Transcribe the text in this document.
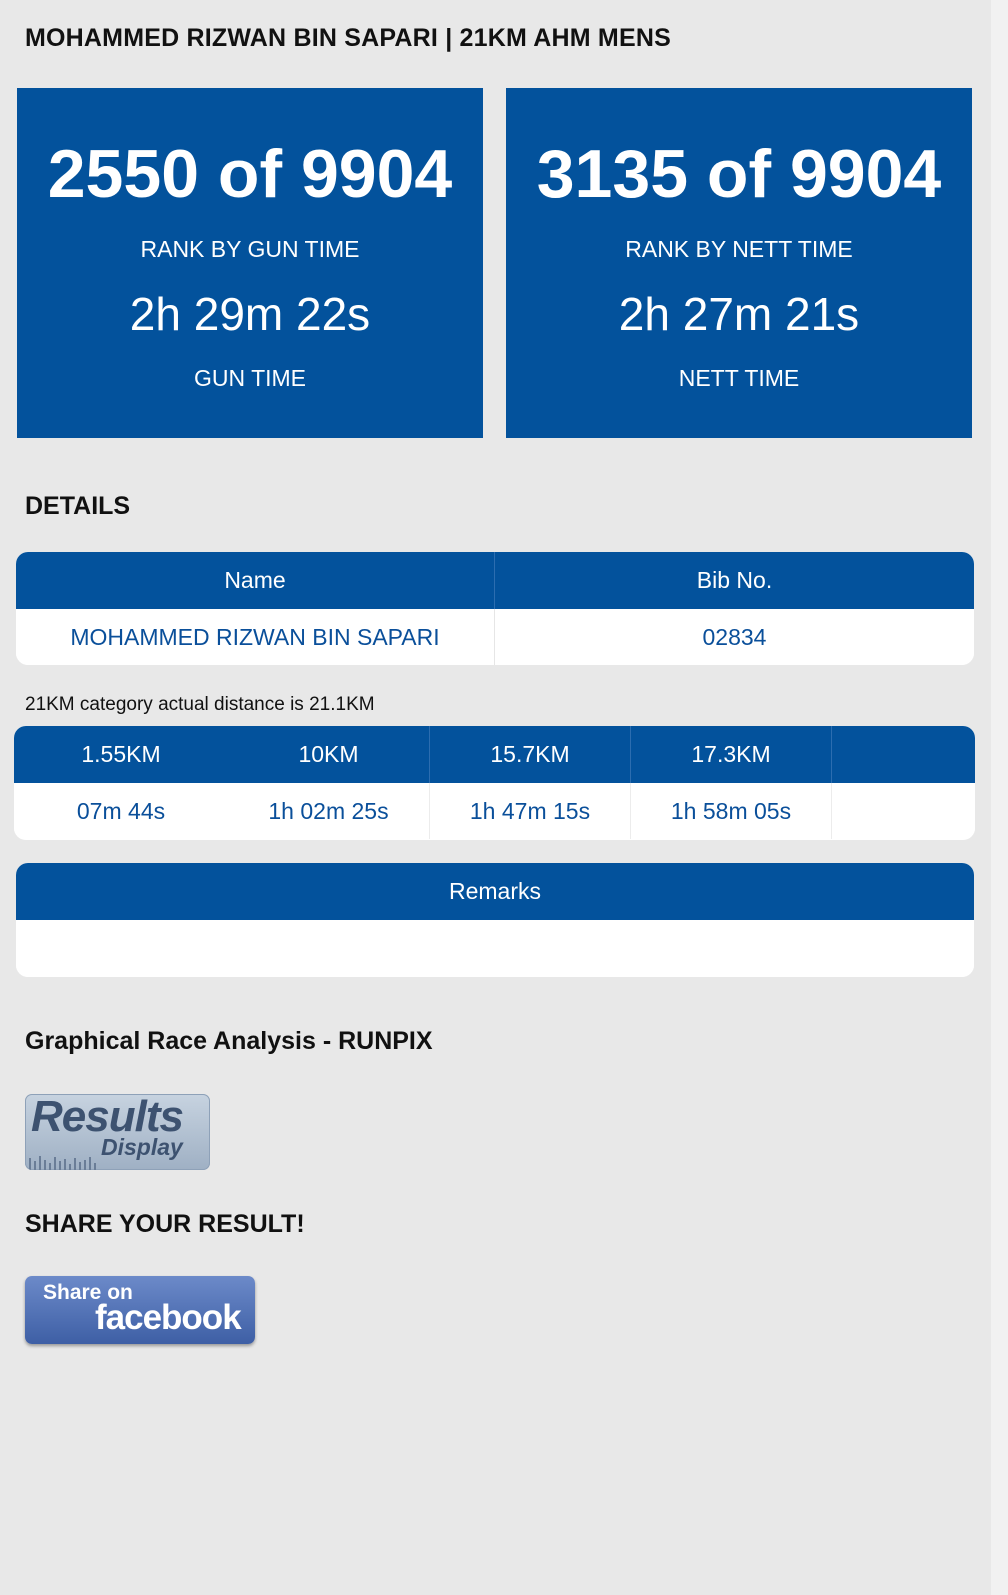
MOHAMMED RIZWAN BIN SAPARI | 21KM AHM MENS
2550 of 9904
RANK BY GUN TIME
2h 29m 22s
GUN TIME
3135 of 9904
RANK BY NETT TIME
2h 27m 21s
NETT TIME
DETAILS
Name	Bib No.
MOHAMMED RIZWAN BIN SAPARI	02834
21KM category actual distance is 21.1KM
1.55KM	10KM	15.7KM	17.3KM
07m 44s	1h 02m 25s	1h 47m 15s	1h 58m 05s
Remarks
Graphical Race Analysis - RUNPIX
Results
Display
SHARE YOUR RESULT!
Share on
facebook
